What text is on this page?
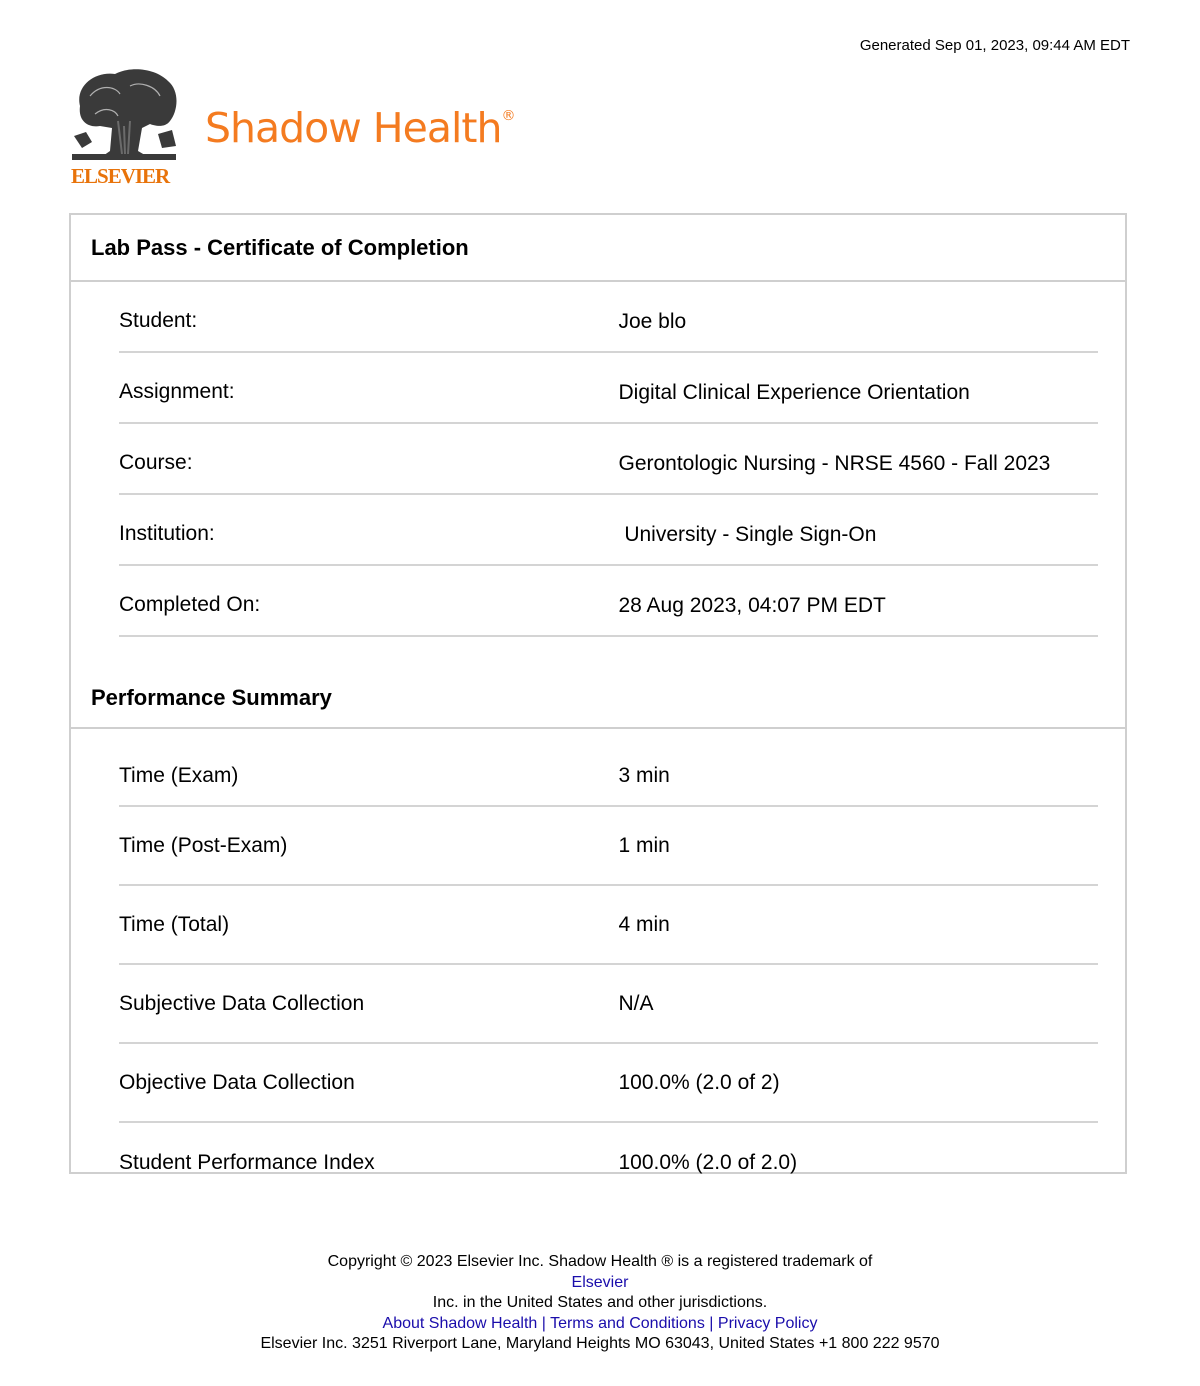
Generated Sep 01, 2023, 09:44 AM EDT
ELSEVIER
Shadow Health®
Lab Pass - Certificate of Completion
Student:	Joe blo
Assignment:	Digital Clinical Experience Orientation
Course:	Gerontologic Nursing - NRSE 4560 - Fall 2023
Institution:	University - Single Sign-On
Completed On:	28 Aug 2023, 04:07 PM EDT
Performance Summary
Time (Exam)	3 min
Time (Post-Exam)	1 min
Time (Total)	4 min
Subjective Data Collection	N/A
Objective Data Collection	100.0% (2.0 of 2)
Student Performance Index	100.0% (2.0 of 2.0)
Copyright © 2023 Elsevier Inc. Shadow Health ® is a registered trademark of
Elsevier
Inc. in the United States and other jurisdictions.
About Shadow Health | Terms and Conditions | Privacy Policy
Elsevier Inc. 3251 Riverport Lane, Maryland Heights MO 63043, United States +1 800 222 9570
